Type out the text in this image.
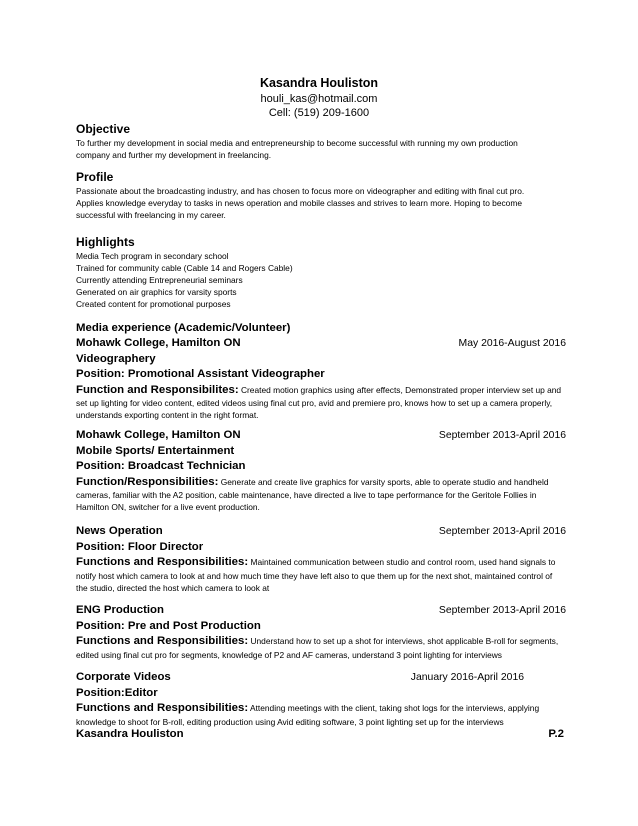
Kasandra Houliston
houli_kas@hotmail.com
Cell: (519) 209-1600
Objective
To further my development in social media and entrepreneurship to become successful with running my own production
company and further my development in freelancing.
Profile
Passionate about the broadcasting industry, and has chosen to focus more on videographer and editing with final cut pro.
Applies knowledge everyday to tasks in news operation and mobile classes and strives to learn more. Hoping to become
successful with freelancing in my career.
Highlights
Media Tech program in secondary school
Trained for community cable (Cable 14 and Rogers Cable)
Currently attending Entrepreneurial seminars
Generated on air graphics for varsity sports
Created content for promotional purposes
Media experience (Academic/Volunteer)
Mohawk College, Hamilton ON	May 2016-August 2016
Videographery
Position: Promotional Assistant Videographer
Function and Responsibilites: Created motion graphics using after effects, Demonstrated proper interview set up and
set up lighting for video content, edited videos using final cut pro, avid and premiere pro, knows how to set up a camera properly,
understands exporting content in the right format.
Mohawk College, Hamilton ON	September 2013-April 2016
Mobile Sports/ Entertainment
Position: Broadcast Technician
Function/Responsibilities: Generate and create live graphics for varsity sports, able to operate studio and handheld
cameras, familiar with the A2 position, cable maintenance, have directed a live to tape performance for the Geritole Follies in
Hamilton ON, switcher for a live event production.
News Operation	September 2013-April 2016
Position: Floor Director
Functions and Responsibilities: Maintained communication between studio and control room, used hand signals to
notify host which camera to look at and how much time they have left also to que them up for the next shot, maintained control of
the studio, directed the host which camera to look at
ENG Production	September 2013-April 2016
Position: Pre and Post Production
Functions and Responsibilities: Understand how to set up a shot for interviews, shot applicable B-roll for segments,
edited using final cut pro for segments, knowledge of P2 and AF cameras, understand 3 point lighting for interviews
Corporate Videos	January 2016-April 2016
Position:Editor
Functions and Responsibilities: Attending meetings with the client, taking shot logs for the interviews, applying
knowledge to shoot for B-roll, editing production using Avid editing software, 3 point lighting set up for the interviews
Kasandra Houliston	P.2
